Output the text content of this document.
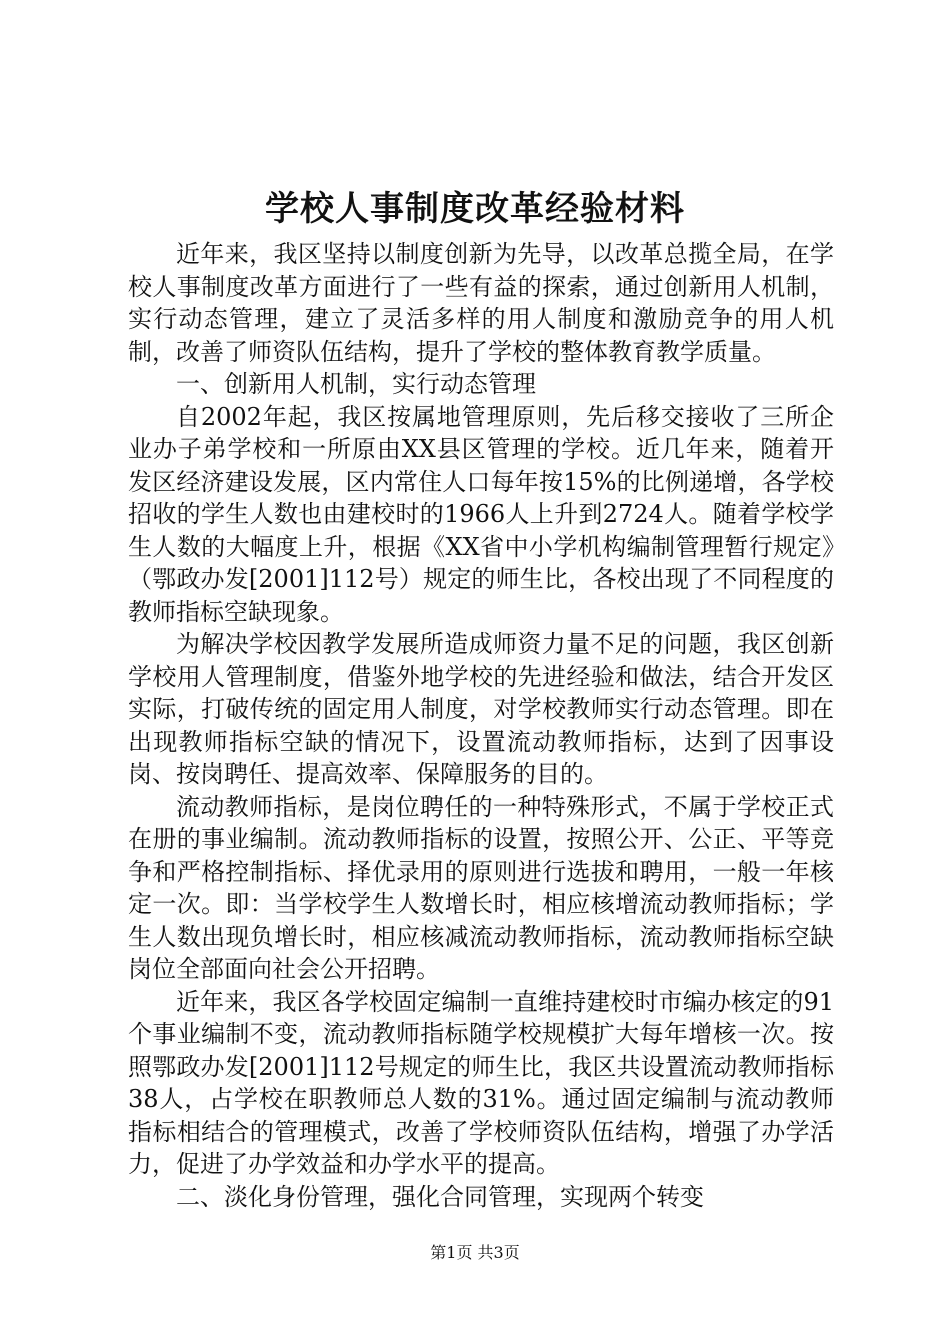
学校人事制度改革经验材料

近年来，我区坚持以制度创新为先导，以改革总揽全局，在学校人事制度改革方面进行了一些有益的探索，通过创新用人机制，实行动态管理，建立了灵活多样的用人制度和激励竞争的用人机制，改善了师资队伍结构，提升了学校的整体教育教学质量。

一、创新用人机制，实行动态管理

自2002年起，我区按属地管理原则，先后移交接收了三所企业办子弟学校和一所原由XX县区管理的学校。近几年来，随着开发区经济建设发展，区内常住人口每年按15%的比例递增，各学校招收的学生人数也由建校时的1966人上升到2724人。随着学校学生人数的大幅度上升，根据《XX省中小学机构编制管理暂行规定》（鄂政办发[2001]112号）规定的师生比，各校出现了不同程度的教师指标空缺现象。

为解决学校因教学发展所造成师资力量不足的问题，我区创新学校用人管理制度，借鉴外地学校的先进经验和做法，结合开发区实际，打破传统的固定用人制度，对学校教师实行动态管理。即在出现教师指标空缺的情况下，设置流动教师指标，达到了因事设岗、按岗聘任、提高效率、保障服务的目的。

流动教师指标，是岗位聘任的一种特殊形式，不属于学校正式在册的事业编制。流动教师指标的设置，按照公开、公正、平等竞争和严格控制指标、择优录用的原则进行选拔和聘用，一般一年核定一次。即：当学校学生人数增长时，相应核增流动教师指标；学生人数出现负增长时，相应核减流动教师指标，流动教师指标空缺岗位全部面向社会公开招聘。

近年来，我区各学校固定编制一直维持建校时市编办核定的91个事业编制不变，流动教师指标随学校规模扩大每年增核一次。按照鄂政办发[2001]112号规定的师生比，我区共设置流动教师指标38人，占学校在职教师总人数的31%。通过固定编制与流动教师指标相结合的管理模式，改善了学校师资队伍结构，增强了办学活力，促进了办学效益和办学水平的提高。

二、淡化身份管理，强化合同管理，实现两个转变

第1页 共3页
